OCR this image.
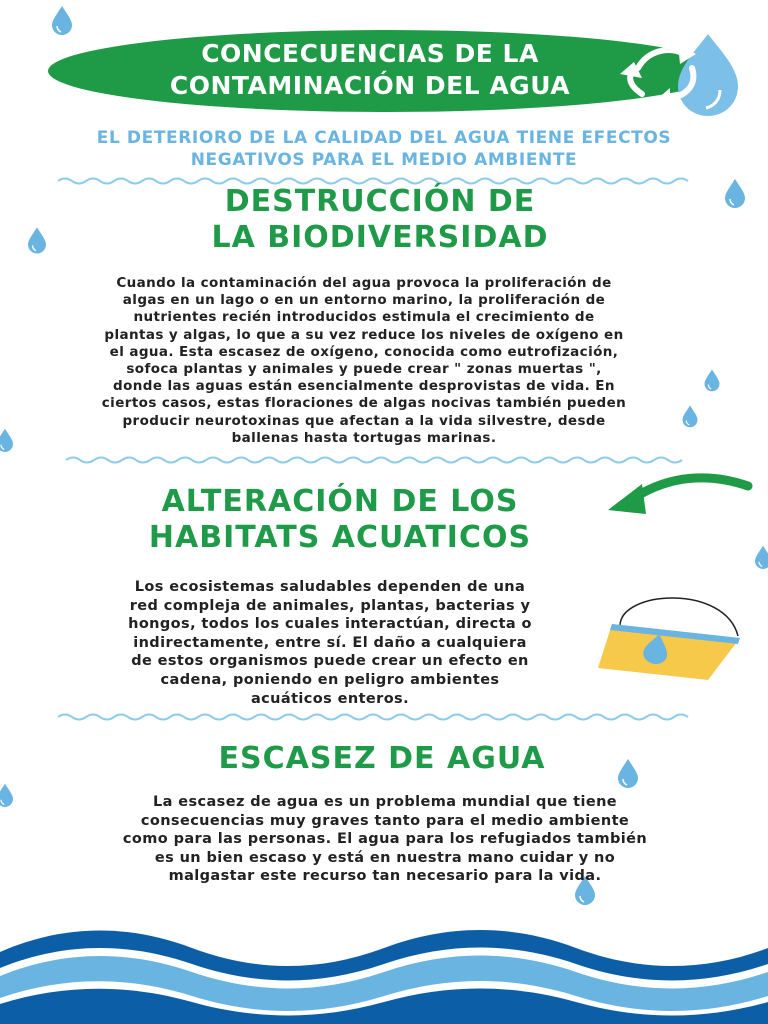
CONCECUENCIAS DE LA
CONTAMINACIÓN DEL AGUA
EL DETERIORO DE LA CALIDAD DEL AGUA TIENE EFECTOS
NEGATIVOS PARA EL MEDIO AMBIENTE
DESTRUCCIÓN DE
LA BIODIVERSIDAD
Cuando la contaminación del agua provoca la proliferación de
algas en un lago o en un entorno marino, la proliferación de
nutrientes recién introducidos estimula el crecimiento de
plantas y algas, lo que a su vez reduce los niveles de oxígeno en
el agua. Esta escasez de oxígeno, conocida como eutrofización,
sofoca plantas y animales y puede crear " zonas muertas ",
donde las aguas están esencialmente desprovistas de vida. En
ciertos casos, estas floraciones de algas nocivas también pueden
producir neurotoxinas que afectan a la vida silvestre, desde
ballenas hasta tortugas marinas.
ALTERACIÓN DE LOS
HABITATS ACUATICOS
Los ecosistemas saludables dependen de una
red compleja de animales, plantas, bacterias y
hongos, todos los cuales interactúan, directa o
indirectamente, entre sí. El daño a cualquiera
de estos organismos puede crear un efecto en
cadena, poniendo en peligro ambientes
acuáticos enteros.
ESCASEZ DE AGUA
La escasez de agua es un problema mundial que tiene
consecuencias muy graves tanto para el medio ambiente
como para las personas. El agua para los refugiados también
es un bien escaso y está en nuestra mano cuidar y no
malgastar este recurso tan necesario para la vida.
